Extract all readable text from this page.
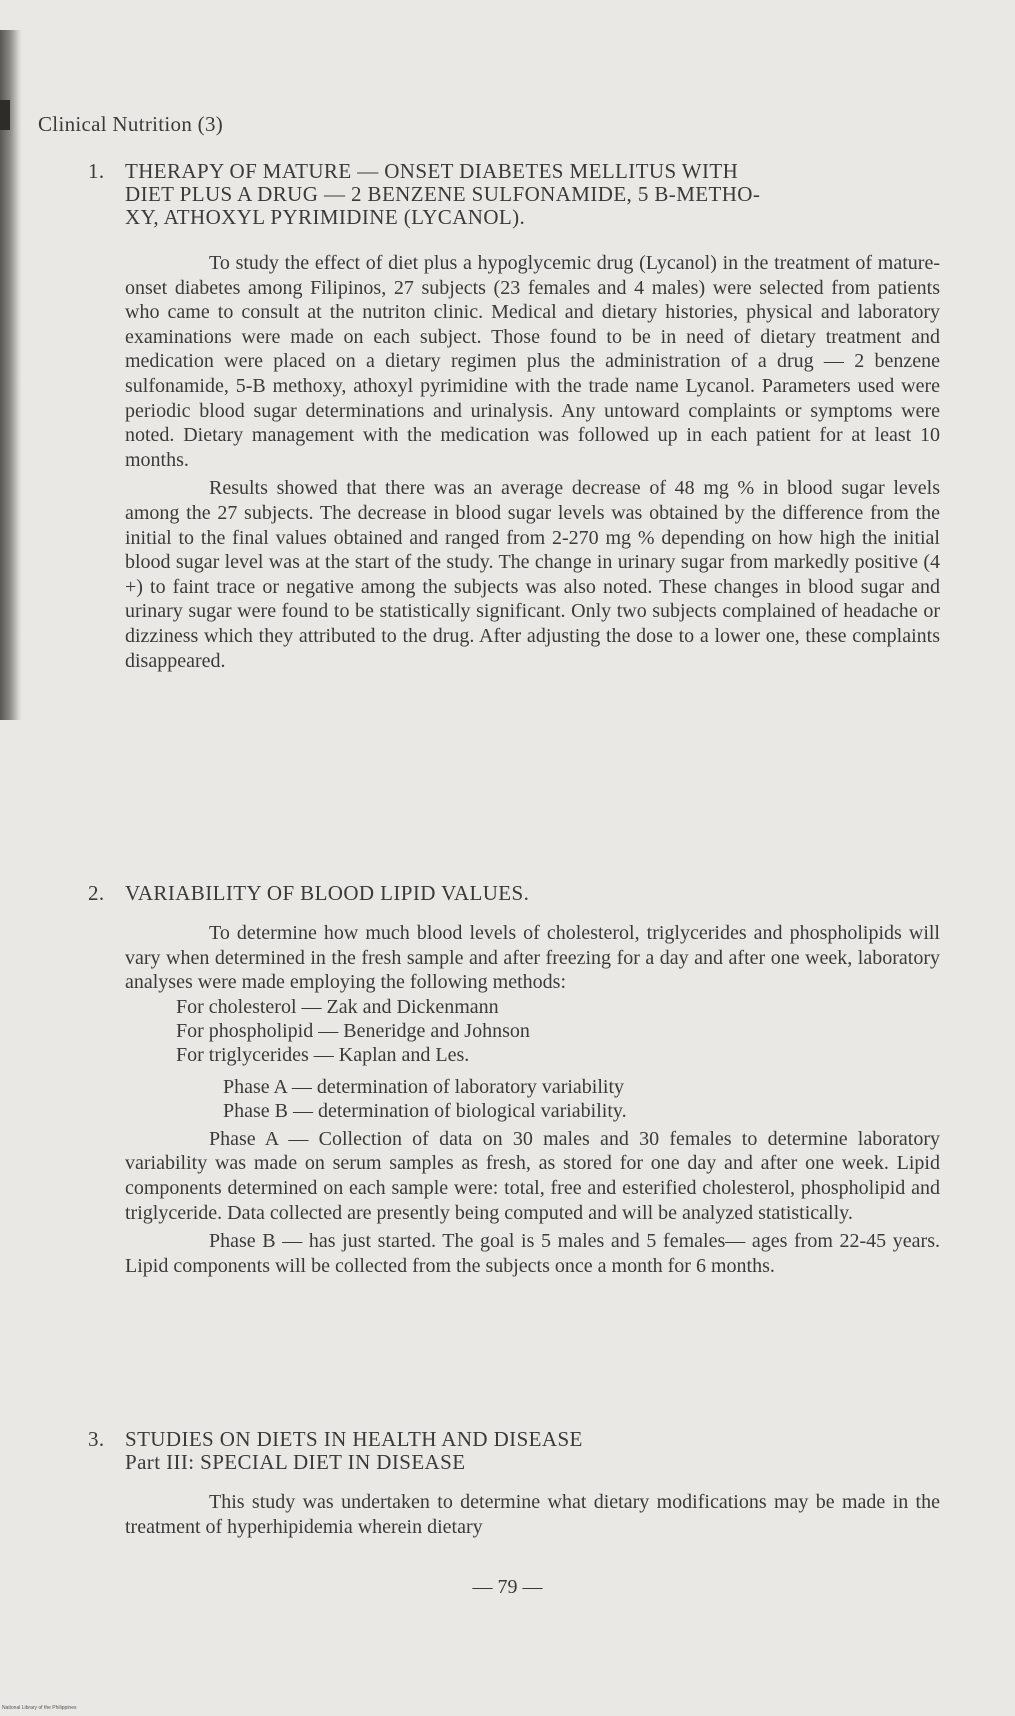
Clinical Nutrition (3)
1. THERAPY OF MATURE — ONSET DIABETES MELLITUS WITH
DIET PLUS A DRUG — 2 BENZENE SULFONAMIDE, 5 B-METHO-
XY, ATHOXYL PYRIMIDINE (LYCANOL).

To study the effect of diet plus a hypoglycemic drug (Lycanol) in the treatment of mature-onset diabetes among Filipinos, 27 subjects (23 females and 4 males) were selected from patients who came to consult at the nutriton clinic. Medical and dietary histories, physical and laboratory examinations were made on each subject. Those found to be in need of dietary treatment and medication were placed on a dietary regimen plus the administration of a drug — 2 benzene sulfonamide, 5-B methoxy, athoxyl pyrimidine with the trade name Lycanol. Parameters used were periodic blood sugar determinations and urinalysis. Any untoward complaints or symptoms were noted. Dietary management with the medication was followed up in each patient for at least 10 months.

Results showed that there was an average decrease of 48 mg % in blood sugar levels among the 27 subjects. The decrease in blood sugar levels was obtained by the difference from the initial to the final values obtained and ranged from 2-270 mg % depending on how high the initial blood sugar level was at the start of the study. The change in urinary sugar from markedly positive (4 +) to faint trace or negative among the subjects was also noted. These changes in blood sugar and urinary sugar were found to be statistically significant. Only two subjects complained of headache or dizziness which they attributed to the drug. After adjusting the dose to a lower one, these complaints disappeared.

2. VARIABILITY OF BLOOD LIPID VALUES.

To determine how much blood levels of cholesterol, triglycerides and phospholipids will vary when determined in the fresh sample and after freezing for a day and after one week, laboratory analyses were made employing the following methods:

For cholesterol — Zak and Dickenmann
For phospholipid — Beneridge and Johnson
For triglycerides — Kaplan and Les.
Phase A — determination of laboratory variability
Phase B — determination of biological variability.

Phase A — Collection of data on 30 males and 30 females to determine laboratory variability was made on serum samples as fresh, as stored for one day and after one week. Lipid components determined on each sample were: total, free and esterified cholesterol, phospholipid and triglyceride. Data collected are presently being computed and will be analyzed statistically.

Phase B — has just started. The goal is 5 males and 5 females— ages from 22-45 years. Lipid components will be collected from the subjects once a month for 6 months.

3. STUDIES ON DIETS IN HEALTH AND DISEASE
Part III: SPECIAL DIET IN DISEASE

This study was undertaken to determine what dietary modifications may be made in the treatment of hyperhipidemia wherein dietary

— 79 —
National Library of the Philippines
